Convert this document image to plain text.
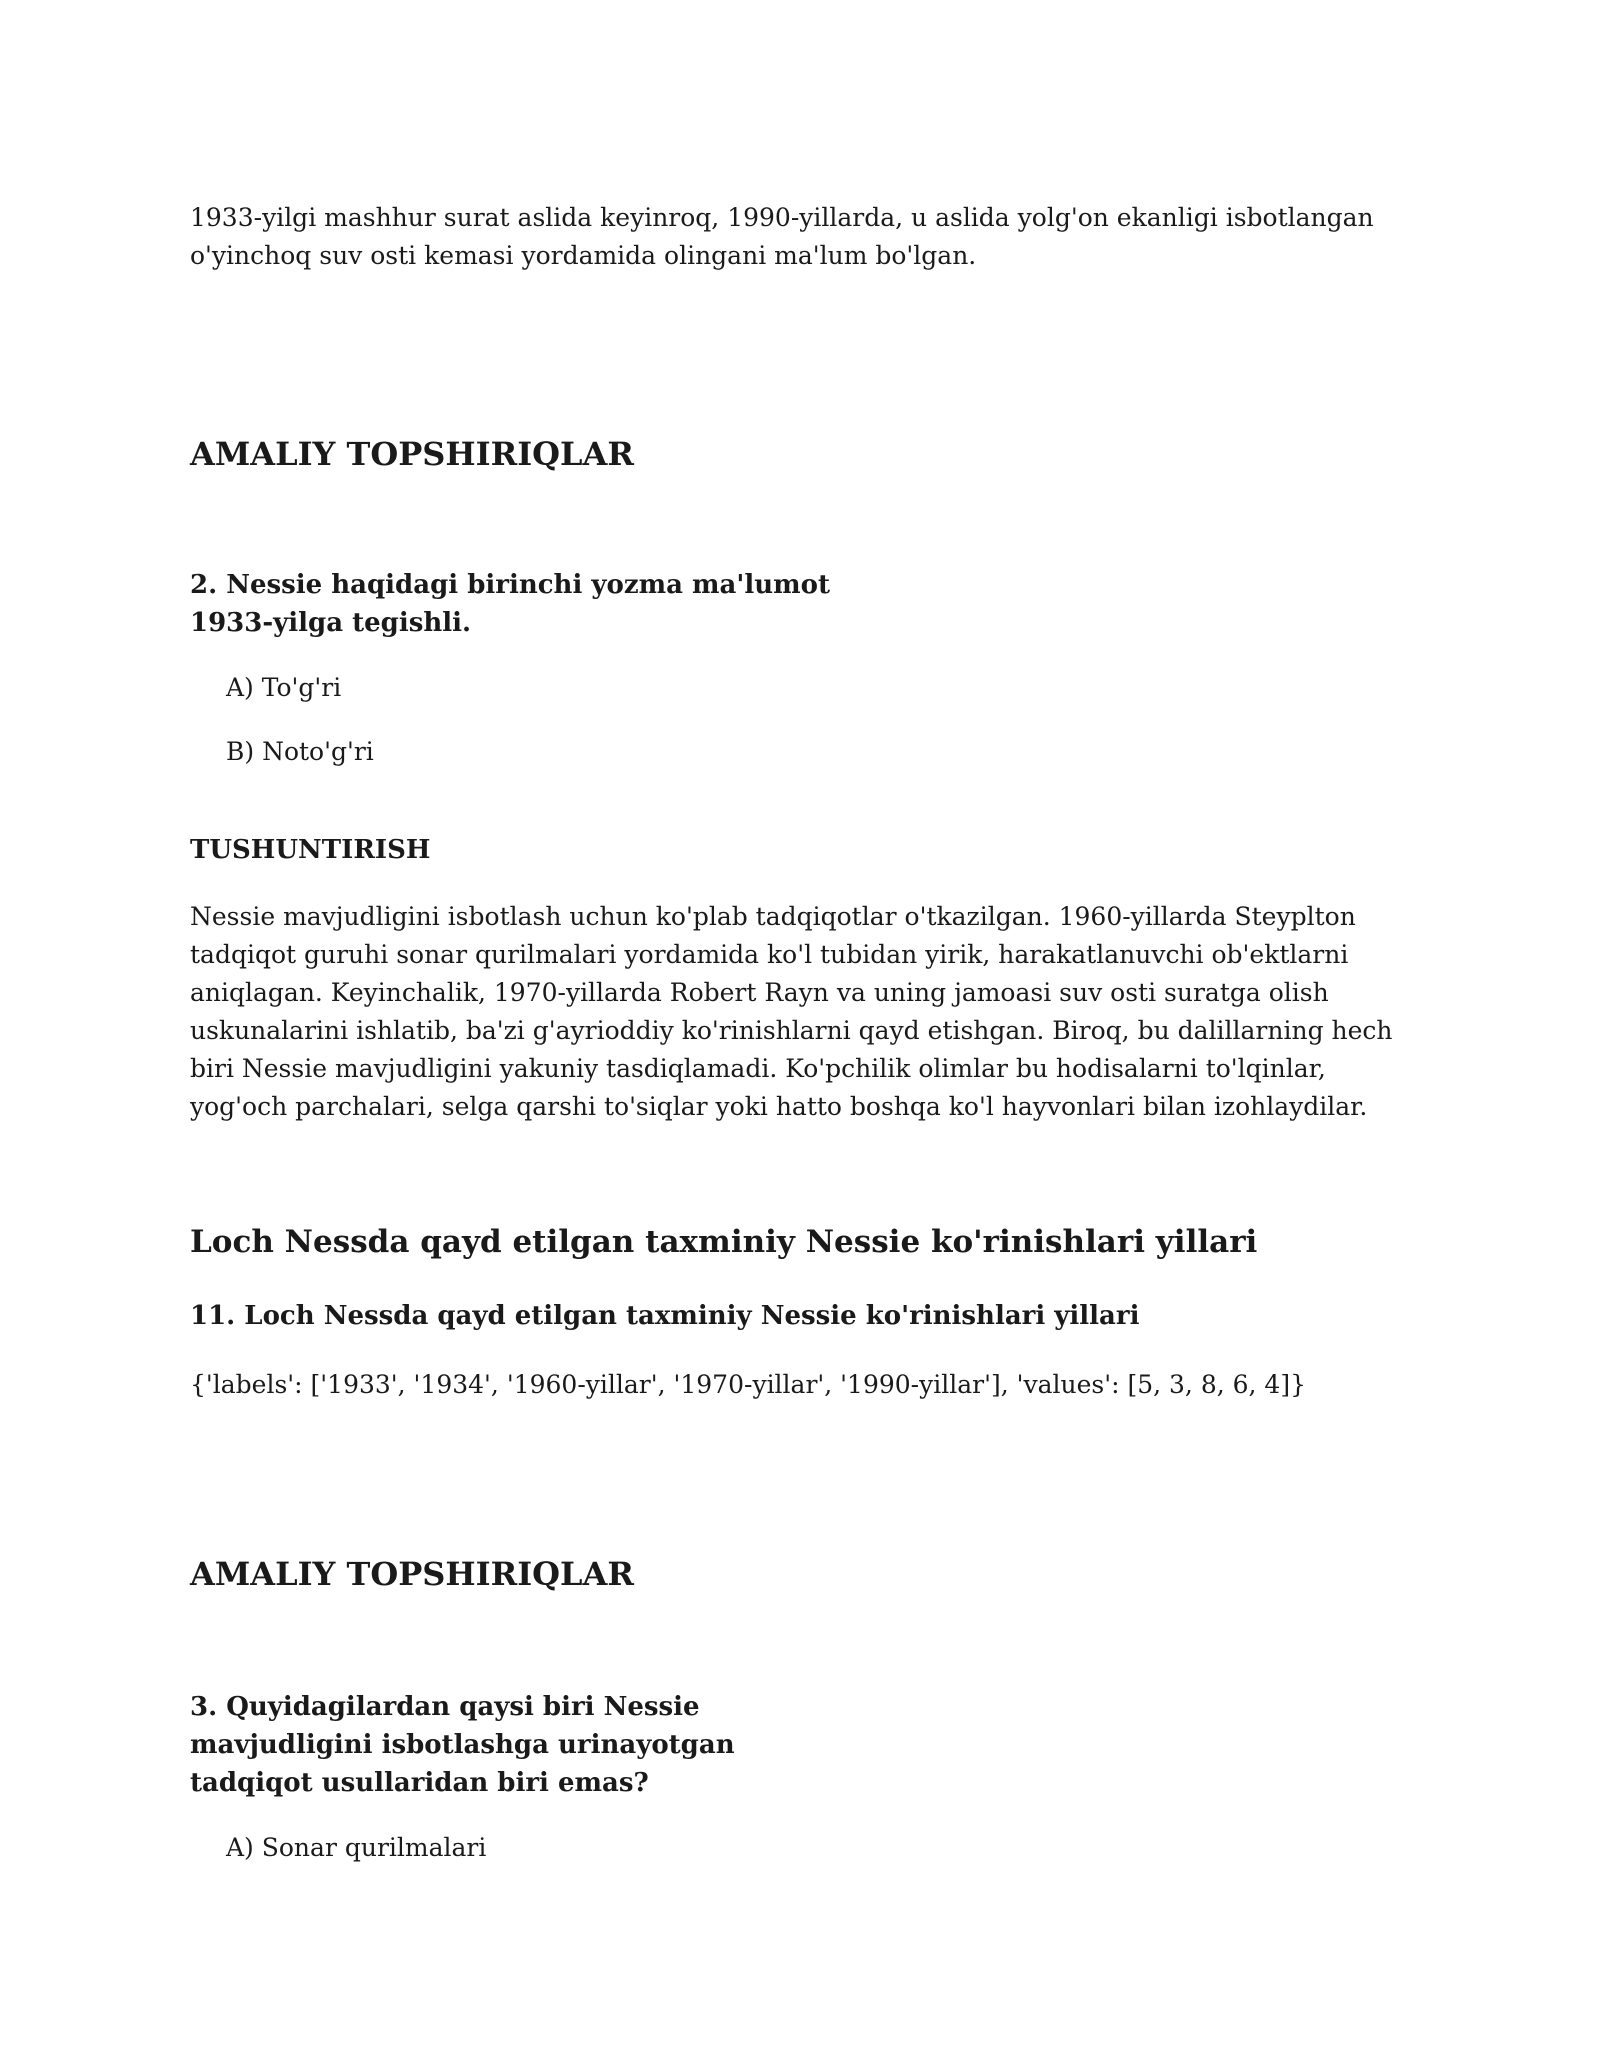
1933-yilgi mashhur surat aslida keyinroq, 1990-yillarda, u aslida yolg'on ekanligi isbotlangan o'yinchoq suv osti kemasi yordamida olingani ma'lum bo'lgan.

AMALIY TOPSHIRIQLAR
2. Nessie haqidagi birinchi yozma ma'lumot
1933-yilga tegishli.

A) To'g'ri

B) Noto'g'ri

TUSHUNTIRISH

Nessie mavjudligini isbotlash uchun ko'plab tadqiqotlar o'tkazilgan. 1960-yillarda Steyplton tadqiqot guruhi sonar qurilmalari yordamida ko'l tubidan yirik, harakatlanuvchi ob'ektlarni aniqlagan. Keyinchalik, 1970-yillarda Robert Rayn va uning jamoasi suv osti suratga olish uskunalarini ishlatib, ba'zi g'ayrioddiy ko'rinishlarni qayd etishgan. Biroq, bu dalillarning hech biri Nessie mavjudligini yakuniy tasdiqlamadi. Ko'pchilik olimlar bu hodisalarni to'lqinlar, yog'och parchalari, selga qarshi to'siqlar yoki hatto boshqa ko'l hayvonlari bilan izohlaydilar.

Loch Nessda qayd etilgan taxminiy Nessie ko'rinishlari yillari
11. Loch Nessda qayd etilgan taxminiy Nessie ko'rinishlari yillari
{'labels': ['1933', '1934', '1960-yillar', '1970-yillar', '1990-yillar'], 'values': [5, 3, 8, 6, 4]}
AMALIY TOPSHIRIQLAR
3. Quyidagilardan qaysi biri Nessie
mavjudligini isbotlashga urinayotgan
tadqiqot usullaridan biri emas?

A) Sonar qurilmalari
